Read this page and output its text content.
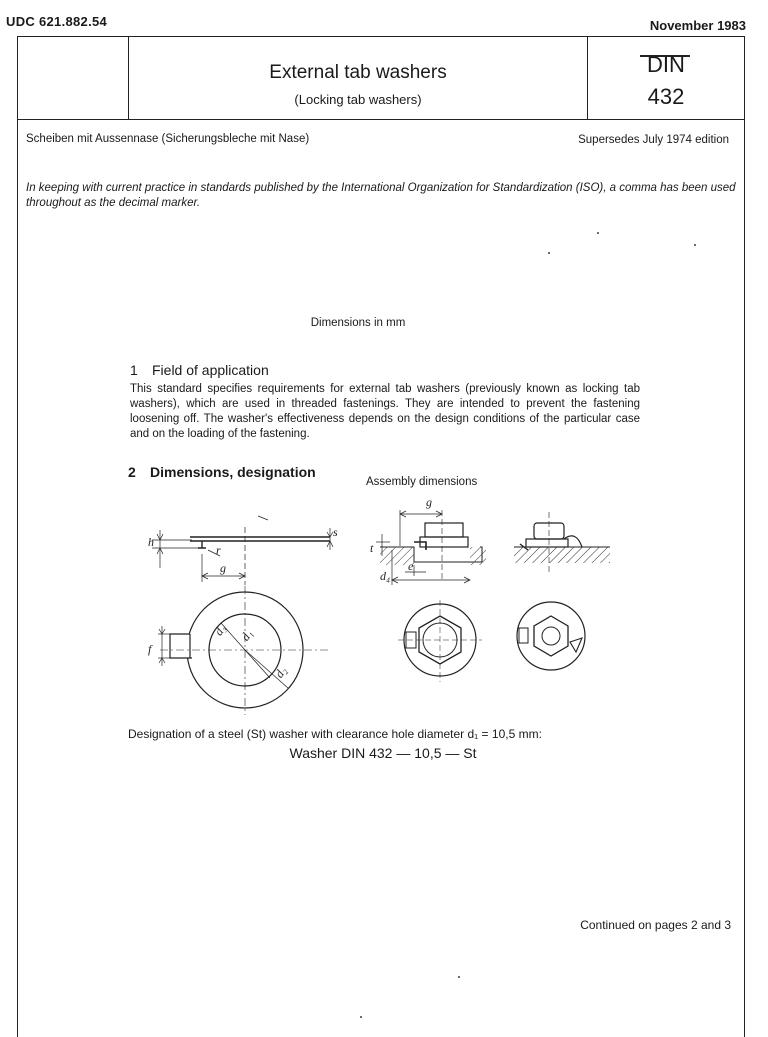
UDC 621.882.54	November 1983
External tab washers
(Locking tab washers)
DIN
432
Scheiben mit Aussennase (Sicherungsbleche mit Nase)	Supersedes July 1974 edition
In keeping with current practice in standards published by the International Organization for Standardization (ISO), a comma has been used throughout as the decimal marker.
Dimensions in mm
1 Field of application
This standard specifies requirements for external tab washers (previously known as locking tab washers), which are used in threaded fastenings. They are intended to prevent the fastening loosening off. The washer's effectiveness depends on the design conditions of the particular case and on the loading of the fastening.
2 Dimensions, designation
Assembly dimensions
h
s
r
g
f
d₃ d₁
d₂
g
t
e
d₄
Designation of a steel (St) washer with clearance hole diameter d₁ = 10,5 mm:
Washer DIN 432 — 10,5 — St
Continued on pages 2 and 3
